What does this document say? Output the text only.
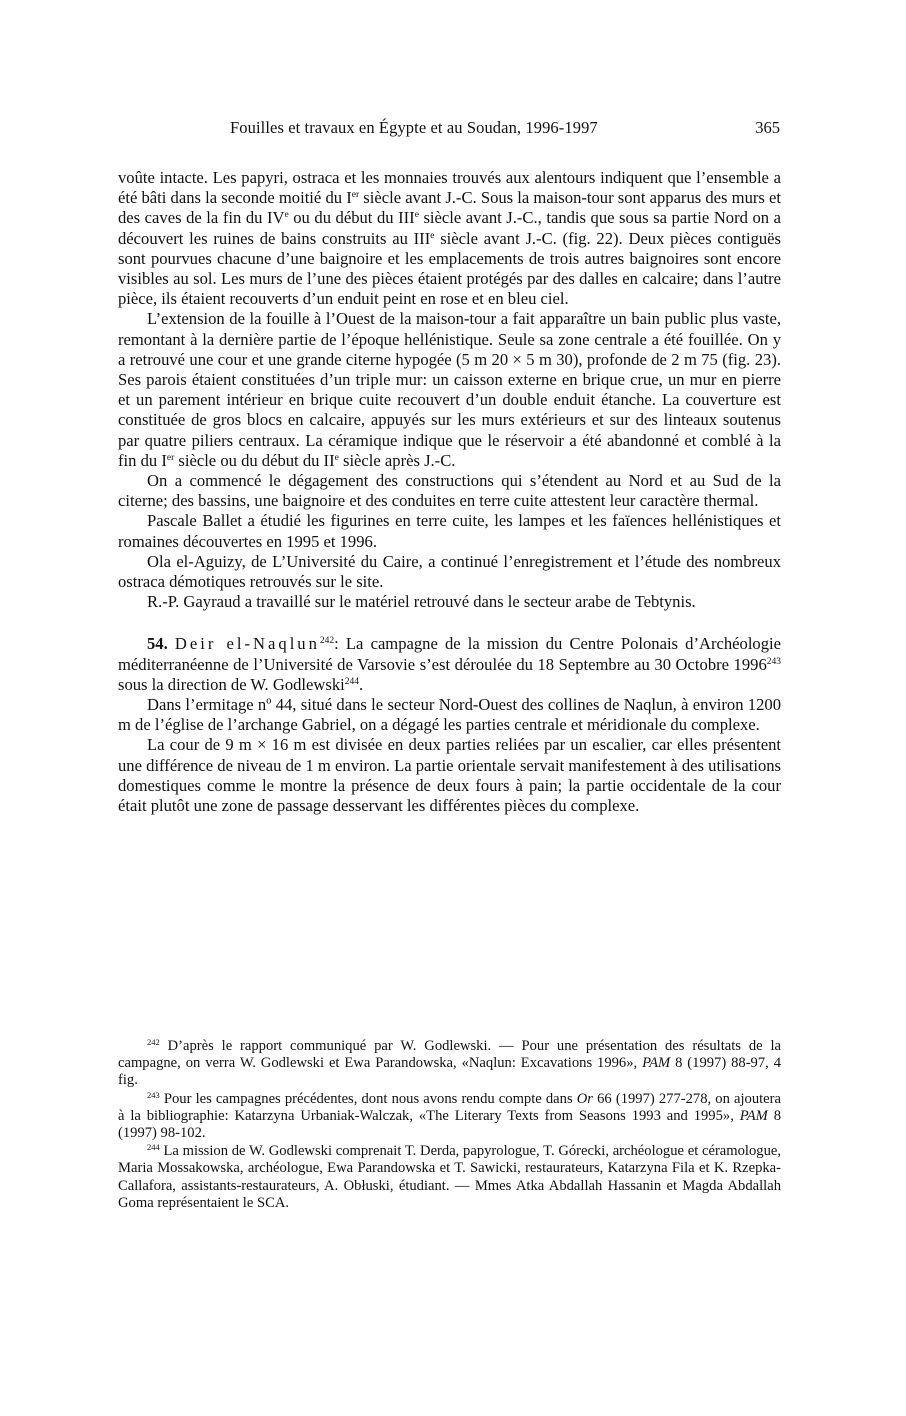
Fouilles et travaux en Égypte et au Soudan, 1996-1997	365

voûte intacte. Les papyri, ostraca et les monnaies trouvés aux alentours indiquent que l’ensemble a été bâti dans la seconde moitié du Ier siècle avant J.-C. Sous la maison-tour sont apparus des murs et des caves de la fin du IVe ou du début du IIIe siècle avant J.-C., tandis que sous sa partie Nord on a découvert les ruines de bains construits au IIIe siècle avant J.-C. (fig. 22). Deux pièces contiguës sont pourvues chacune d’une baignoire et les emplacements de trois autres baignoires sont encore visibles au sol. Les murs de l’une des pièces étaient protégés par des dalles en calcaire; dans l’autre pièce, ils étaient recouverts d’un enduit peint en rose et en bleu ciel.

L’extension de la fouille à l’Ouest de la maison-tour a fait apparaître un bain public plus vaste, remontant à la dernière partie de l’époque hellénistique. Seule sa zone centrale a été fouillée. On y a retrouvé une cour et une grande citerne hypogée (5 m 20 × 5 m 30), profonde de 2 m 75 (fig. 23). Ses parois étaient constituées d’un triple mur: un caisson externe en brique crue, un mur en pierre et un parement intérieur en brique cuite recouvert d’un double enduit étanche. La couverture est constituée de gros blocs en calcaire, appuyés sur les murs extérieurs et sur des linteaux soutenus par quatre piliers centraux. La céramique indique que le réservoir a été abandonné et comblé à la fin du Ier siècle ou du début du IIe siècle après J.-C.

On a commencé le dégagement des constructions qui s’étendent au Nord et au Sud de la citerne; des bassins, une baignoire et des conduites en terre cuite attestent leur caractère thermal.

Pascale Ballet a étudié les figurines en terre cuite, les lampes et les faïences hellénistiques et romaines découvertes en 1995 et 1996.

Ola el-Aguizy, de L’Université du Caire, a continué l’enregistrement et l’étude des nombreux ostraca démotiques retrouvés sur le site.

R.-P. Gayraud a travaillé sur le matériel retrouvé dans le secteur arabe de Tebtynis.

54. Deir el-Naqlun$^{242}$: La campagne de la mission du Centre Polonais d’Archéologie méditerranéenne de l’Université de Varsovie s’est déroulée du 18 Septembre au 30 Octobre 1996$^{243}$ sous la direction de W. Godlewski$^{244}$.

Dans l’ermitage nº 44, situé dans le secteur Nord-Ouest des collines de Naqlun, à environ 1200 m de l’église de l’archange Gabriel, on a dégagé les parties centrale et méridionale du complexe.

La cour de 9 m × 16 m est divisée en deux parties reliées par un escalier, car elles présentent une différence de niveau de 1 m environ. La partie orientale servait manifestement à des utilisations domestiques comme le montre la présence de deux fours à pain; la partie occidentale de la cour était plutôt une zone de passage desservant les différentes pièces du complexe.

$^{242}$ D’après le rapport communiqué par W. Godlewski. — Pour une présentation des résultats de la campagne, on verra W. Godlewski et Ewa Parandowska, «Naqlun: Excavations 1996», PAM 8 (1997) 88-97, 4 fig.

$^{243}$ Pour les campagnes précédentes, dont nous avons rendu compte dans Or 66 (1997) 277-278, on ajoutera à la bibliographie: Katarzyna Urbaniak-Walczak, «The Literary Texts from Seasons 1993 and 1995», PAM 8 (1997) 98-102.

$^{244}$ La mission de W. Godlewski comprenait T. Derda, papyrologue, T. Górecki, archéologue et céramologue, Maria Mossakowska, archéologue, Ewa Parandowska et T. Sawicki, restaurateurs, Katarzyna Fila et K. Rzepka-Callafora, assistants-restaurateurs, A. Obłuski, étudiant. — Mmes Atka Abdallah Hassanin et Magda Abdallah Goma représentaient le SCA.
